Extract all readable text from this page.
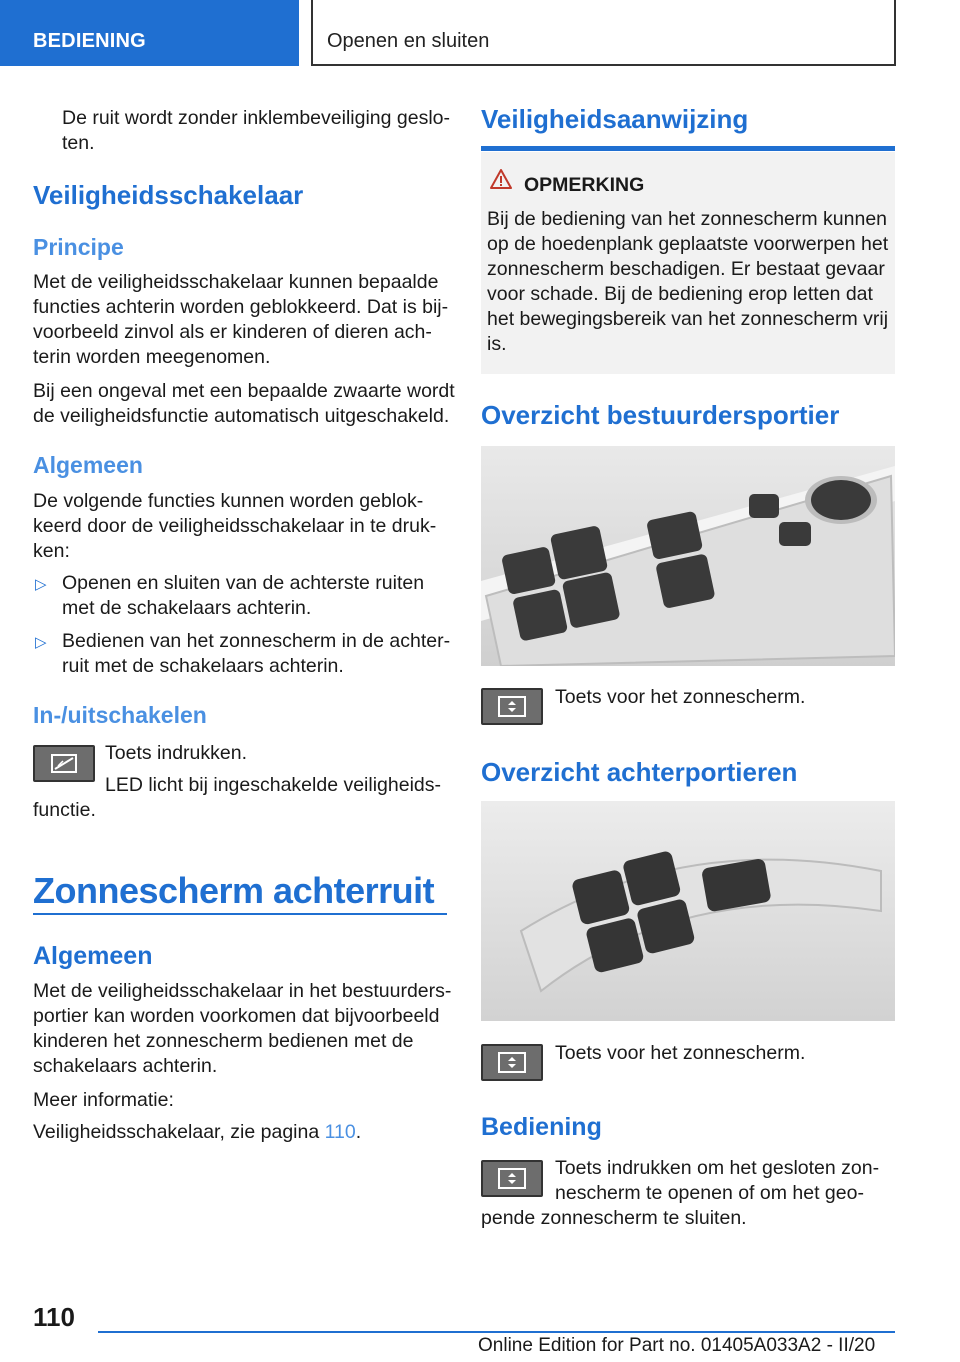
BEDIENING	Openen en sluiten
De ruit wordt zonder inklembeveiliging geslo-
ten.
Veiligheidsschakelaar
Principe
Met de veiligheidsschakelaar kunnen bepaalde
functies achterin worden geblokkeerd. Dat is bij-
voorbeeld zinvol als er kinderen of dieren ach-
terin worden meegenomen.
Bij een ongeval met een bepaalde zwaarte wordt
de veiligheidsfunctie automatisch uitgeschakeld.
Algemeen
De volgende functies kunnen worden geblok-
keerd door de veiligheidsschakelaar in te druk-
ken:
▷ Openen en sluiten van de achterste ruiten
met de schakelaars achterin.
▷ Bedienen van het zonnescherm in de achter-
ruit met de schakelaars achterin.
In-/uitschakelen
Toets indrukken.
LED licht bij ingeschakelde veiligheids-
functie.
Zonnescherm achterruit
Algemeen
Met de veiligheidsschakelaar in het bestuurders-
portier kan worden voorkomen dat bijvoorbeeld
kinderen het zonnescherm bedienen met de
schakelaars achterin.
Meer informatie:
Veiligheidsschakelaar, zie pagina 110.
Veiligheidsaanwijzing
OPMERKING
Bij de bediening van het zonnescherm kunnen
op de hoedenplank geplaatste voorwerpen het
zonnescherm beschadigen. Er bestaat gevaar
voor schade. Bij de bediening erop letten dat
het bewegingsbereik van het zonnescherm vrij
is.
Overzicht bestuurdersportier
Toets voor het zonnescherm.
Overzicht achterportieren
Toets voor het zonnescherm.
Bediening
Toets indrukken om het gesloten zon-
nescherm te openen of om het geo-
pende zonnescherm te sluiten.
110
Online Edition for Part no. 01405A033A2 - II/20
